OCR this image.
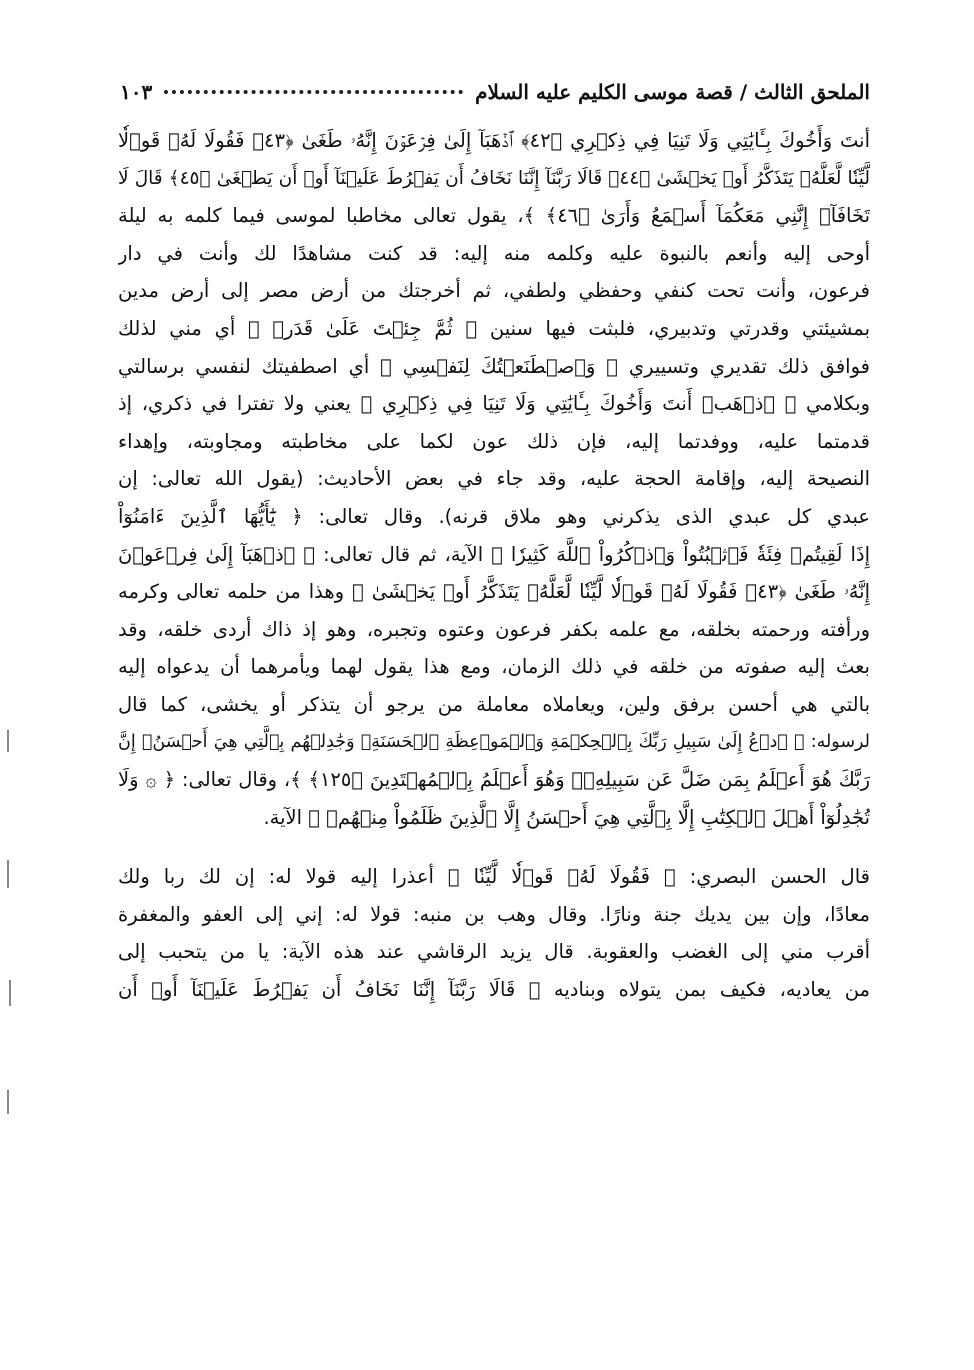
الملحق الثالث / قصة موسى الكليم عليه السلام
١٠٣
أنتَ وَأَخُوكَ بِـَٔايَٰتِي وَلَا تَنِيَا فِي ذِكۡرِي ﴿٤٢﴾ ٱذۡهَبَآ إِلَىٰ فِرۡعَوۡنَ إِنَّهُۥ طَغَىٰ ﴿٤٣﴾ فَقُولَا لَهُۥ قَوۡلٗا
لَّيِّنٗا لَّعَلَّهُۥ يَتَذَكَّرُ أَوۡ يَخۡشَىٰ ﴿٤٤﴾ قَالَا رَبَّنَآ إِنَّنَا نَخَافُ أَن يَفۡرُطَ عَلَيۡنَآ أَوۡ أَن يَطۡغَىٰ ﴿٤٥﴾ قَالَ لَا
تَخَافَآۖ إِنَّنِي مَعَكُمَآ أَسۡمَعُ وَأَرَىٰ ﴿٤٦﴾ ﴾، يقول تعالى مخاطبا لموسى فيما كلمه به ليلة
أوحى إليه وأنعم بالنبوة عليه وكلمه منه إليه: قد كنت مشاهدًا لك وأنت في دار
فرعون، وأنت تحت كنفي وحفظي ولطفي، ثم أخرجتك من أرض مصر إلى أرض مدين
بمشيئتي وقدرتي وتدبيري، فلبثت فيها سنين ﴿ ثُمَّ جِئۡتَ عَلَىٰ قَدَرٖ ﴾ أي مني لذلك
فوافق ذلك تقديري وتسييري ﴿ وَٱصۡطَنَعۡتُكَ لِنَفۡسِي ﴾ أي اصطفيتك لنفسي برسالتي
وبكلامي ﴿ ٱذۡهَبۡ أَنتَ وَأَخُوكَ بِـَٔايَٰتِي وَلَا تَنِيَا فِي ذِكۡرِي ﴾ يعني ولا تفترا في ذكري، إذ
قدمتما عليه، ووفدتما إليه، فإن ذلك عون لكما على مخاطبته ومجاوبته، وإهداء
النصيحة إليه، وإقامة الحجة عليه، وقد جاء في بعض الأحاديث: (يقول الله تعالى: إن
عبدي كل عبدي الذى يذكرني وهو ملاق قرنه). وقال تعالى: ﴿ يَٰٓأَيُّهَا ٱلَّذِينَ ءَامَنُوٓاْ
إِذَا لَقِيتُمۡ فِئَةٗ فَٱثۡبُتُواْ وَٱذۡكُرُواْ ٱللَّهَ كَثِيرٗا ﴾ الآية، ثم قال تعالى: ﴿ ٱذۡهَبَآ إِلَىٰ فِرۡعَوۡنَ
إِنَّهُۥ طَغَىٰ ﴿٤٣﴾ فَقُولَا لَهُۥ قَوۡلٗا لَّيِّنٗا لَّعَلَّهُۥ يَتَذَكَّرُ أَوۡ يَخۡشَىٰ ﴾ وهذا من حلمه تعالى وكرمه
ورأفته ورحمته بخلقه، مع علمه بكفر فرعون وعتوه وتجبره، وهو إذ ذاك أردى خلقه، وقد
بعث إليه صفوته من خلقه في ذلك الزمان، ومع هذا يقول لهما ويأمرهما أن يدعواه إليه
بالتي هي أحسن برفق ولين، ويعاملاه معاملة من يرجو أن يتذكر أو يخشى، كما قال
لرسوله: ﴿ ٱدۡعُ إِلَىٰ سَبِيلِ رَبِّكَ بِٱلۡحِكۡمَةِ وَٱلۡمَوۡعِظَةِ ٱلۡحَسَنَةِۖ وَجَٰدِلۡهُم بِٱلَّتِي هِيَ أَحۡسَنُۚ إِنَّ
رَبَّكَ هُوَ أَعۡلَمُ بِمَن ضَلَّ عَن سَبِيلِهِۦۖ وَهُوَ أَعۡلَمُ بِٱلۡمُهۡتَدِينَ ﴿١٢٥﴾ ﴾، وقال تعالى: ﴿ ۞ وَلَا
تُجَٰدِلُوٓاْ أَهۡلَ ٱلۡكِتَٰبِ إِلَّا بِٱلَّتِي هِيَ أَحۡسَنُ إِلَّا ٱلَّذِينَ ظَلَمُواْ مِنۡهُمۡ ﴾ الآية.
قال الحسن البصري: ﴿ فَقُولَا لَهُۥ قَوۡلٗا لَّيِّنٗا ﴾ أعذرا إليه قولا له: إن لك ربا ولك
معادًا، وإن بين يديك جنة ونارًا. وقال وهب بن منبه: قولا له: إني إلى العفو والمغفرة
أقرب مني إلى الغضب والعقوبة. قال يزيد الرقاشي عند هذه الآية: يا من يتحبب إلى
من يعاديه، فكيف بمن يتولاه وبناديه ﴿ قَالَا رَبَّنَآ إِنَّنَا نَخَافُ أَن يَفۡرُطَ عَلَيۡنَآ أَوۡ أَن
